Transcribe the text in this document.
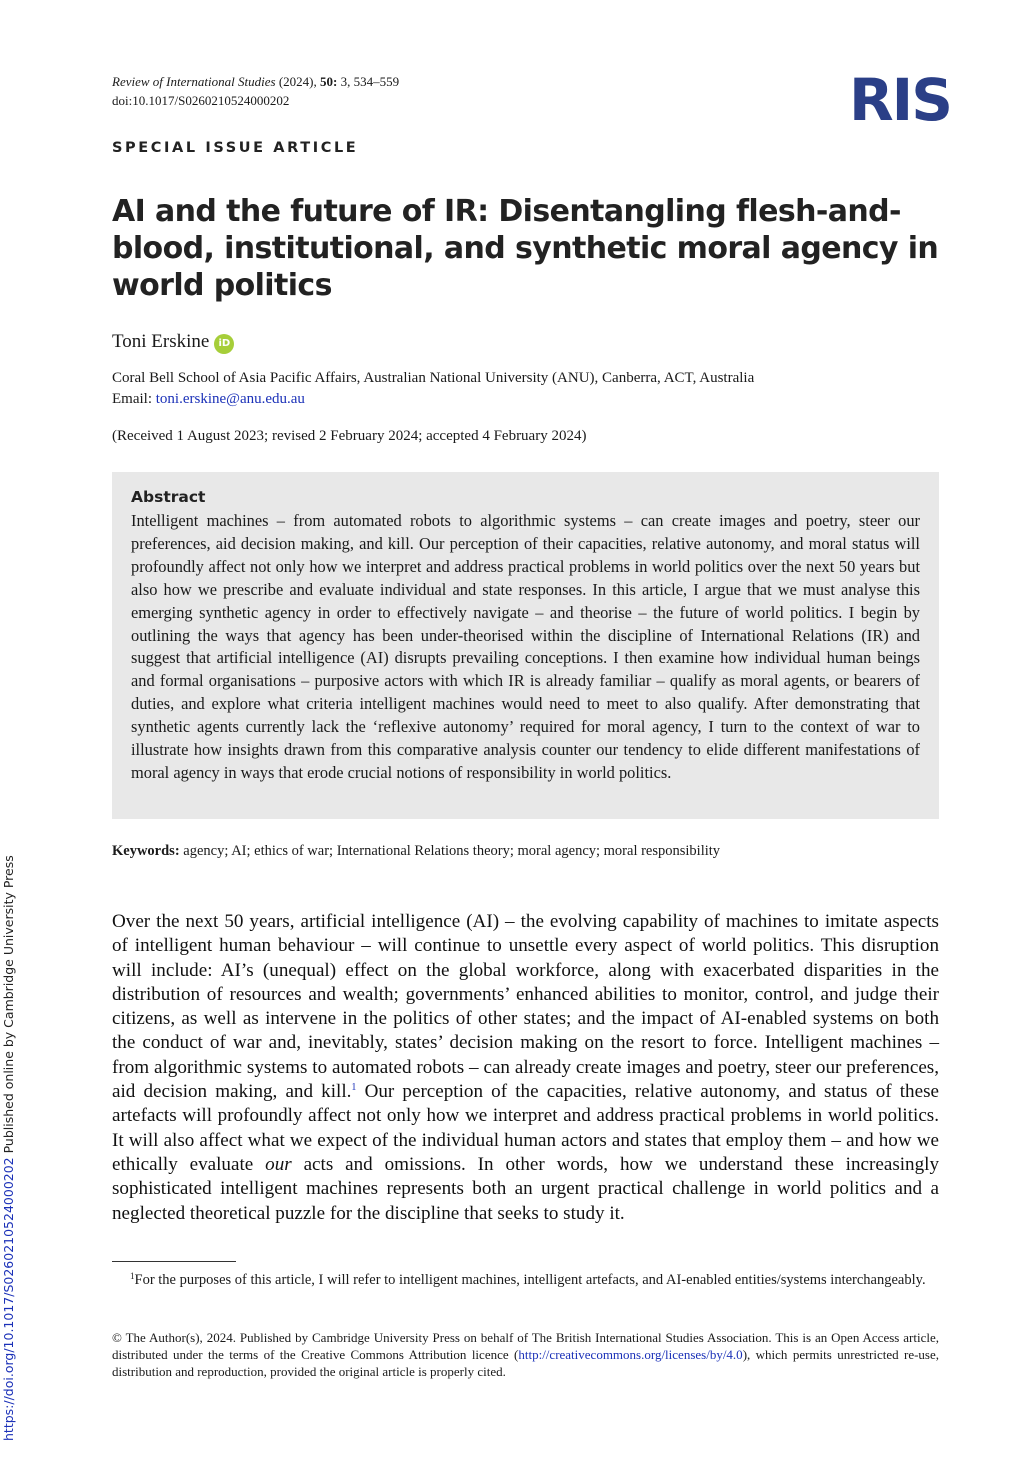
Review of International Studies (2024), 50: 3, 534–559
doi:10.1017/S0260210524000202	RIS
SPECIAL ISSUE ARTICLE
AI and the future of IR: Disentangling flesh-and-blood, institutional, and synthetic moral agency in world politics
Toni Erskine iD
Coral Bell School of Asia Pacific Affairs, Australian National University (ANU), Canberra, ACT, Australia
Email: toni.erskine@anu.edu.au
(Received 1 August 2023; revised 2 February 2024; accepted 4 February 2024)
Abstract

Intelligent machines – from automated robots to algorithmic systems – can create images and poetry, steer our preferences, aid decision making, and kill. Our perception of their capacities, relative autonomy, and moral status will profoundly affect not only how we interpret and address practical problems in world politics over the next 50 years but also how we prescribe and evaluate individual and state responses. In this article, I argue that we must analyse this emerging synthetic agency in order to effectively navigate – and theorise – the future of world politics. I begin by outlining the ways that agency has been under-theorised within the discipline of International Relations (IR) and suggest that artificial intelligence (AI) disrupts prevailing conceptions. I then examine how individual human beings and formal organisations – purposive actors with which IR is already familiar – qualify as moral agents, or bearers of duties, and explore what criteria intelligent machines would need to meet to also qualify. After demonstrating that synthetic agents currently lack the ‘reflexive autonomy’ required for moral agency, I turn to the context of war to illustrate how insights drawn from this comparative analysis counter our tendency to elide different manifestations of moral agency in ways that erode crucial notions of responsibility in world politics.

Keywords: agency; AI; ethics of war; International Relations theory; moral agency; moral responsibility

Over the next 50 years, artificial intelligence (AI) – the evolving capability of machines to imitate aspects of intelligent human behaviour – will continue to unsettle every aspect of world politics. This disruption will include: AI’s (unequal) effect on the global workforce, along with exacerbated disparities in the distribution of resources and wealth; governments’ enhanced abilities to monitor, control, and judge their citizens, as well as intervene in the politics of other states; and the impact of AI-enabled systems on both the conduct of war and, inevitably, states’ decision making on the resort to force. Intelligent machines – from algorithmic systems to automated robots – can already create images and poetry, steer our preferences, aid decision making, and kill.$^1$ Our perception of the capacities, relative autonomy, and status of these artefacts will profoundly affect not only how we interpret and address practical problems in world politics. It will also affect what we expect of the individual human actors and states that employ them – and how we ethically evaluate our acts and omissions. In other words, how we understand these increasingly sophisticated intelligent machines represents both an urgent practical challenge in world politics and a neglected theoretical puzzle for the discipline that seeks to study it.

$^1$For the purposes of this article, I will refer to intelligent machines, intelligent artefacts, and AI-enabled entities/systems interchangeably.

© The Author(s), 2024. Published by Cambridge University Press on behalf of The British International Studies Association. This is an Open Access article, distributed under the terms of the Creative Commons Attribution licence (http://creativecommons.org/licenses/by/4.0), which permits unrestricted re-use, distribution and reproduction, provided the original article is properly cited.

https://doi.org/10.1017/S0260210524000202 Published online by Cambridge University Press
